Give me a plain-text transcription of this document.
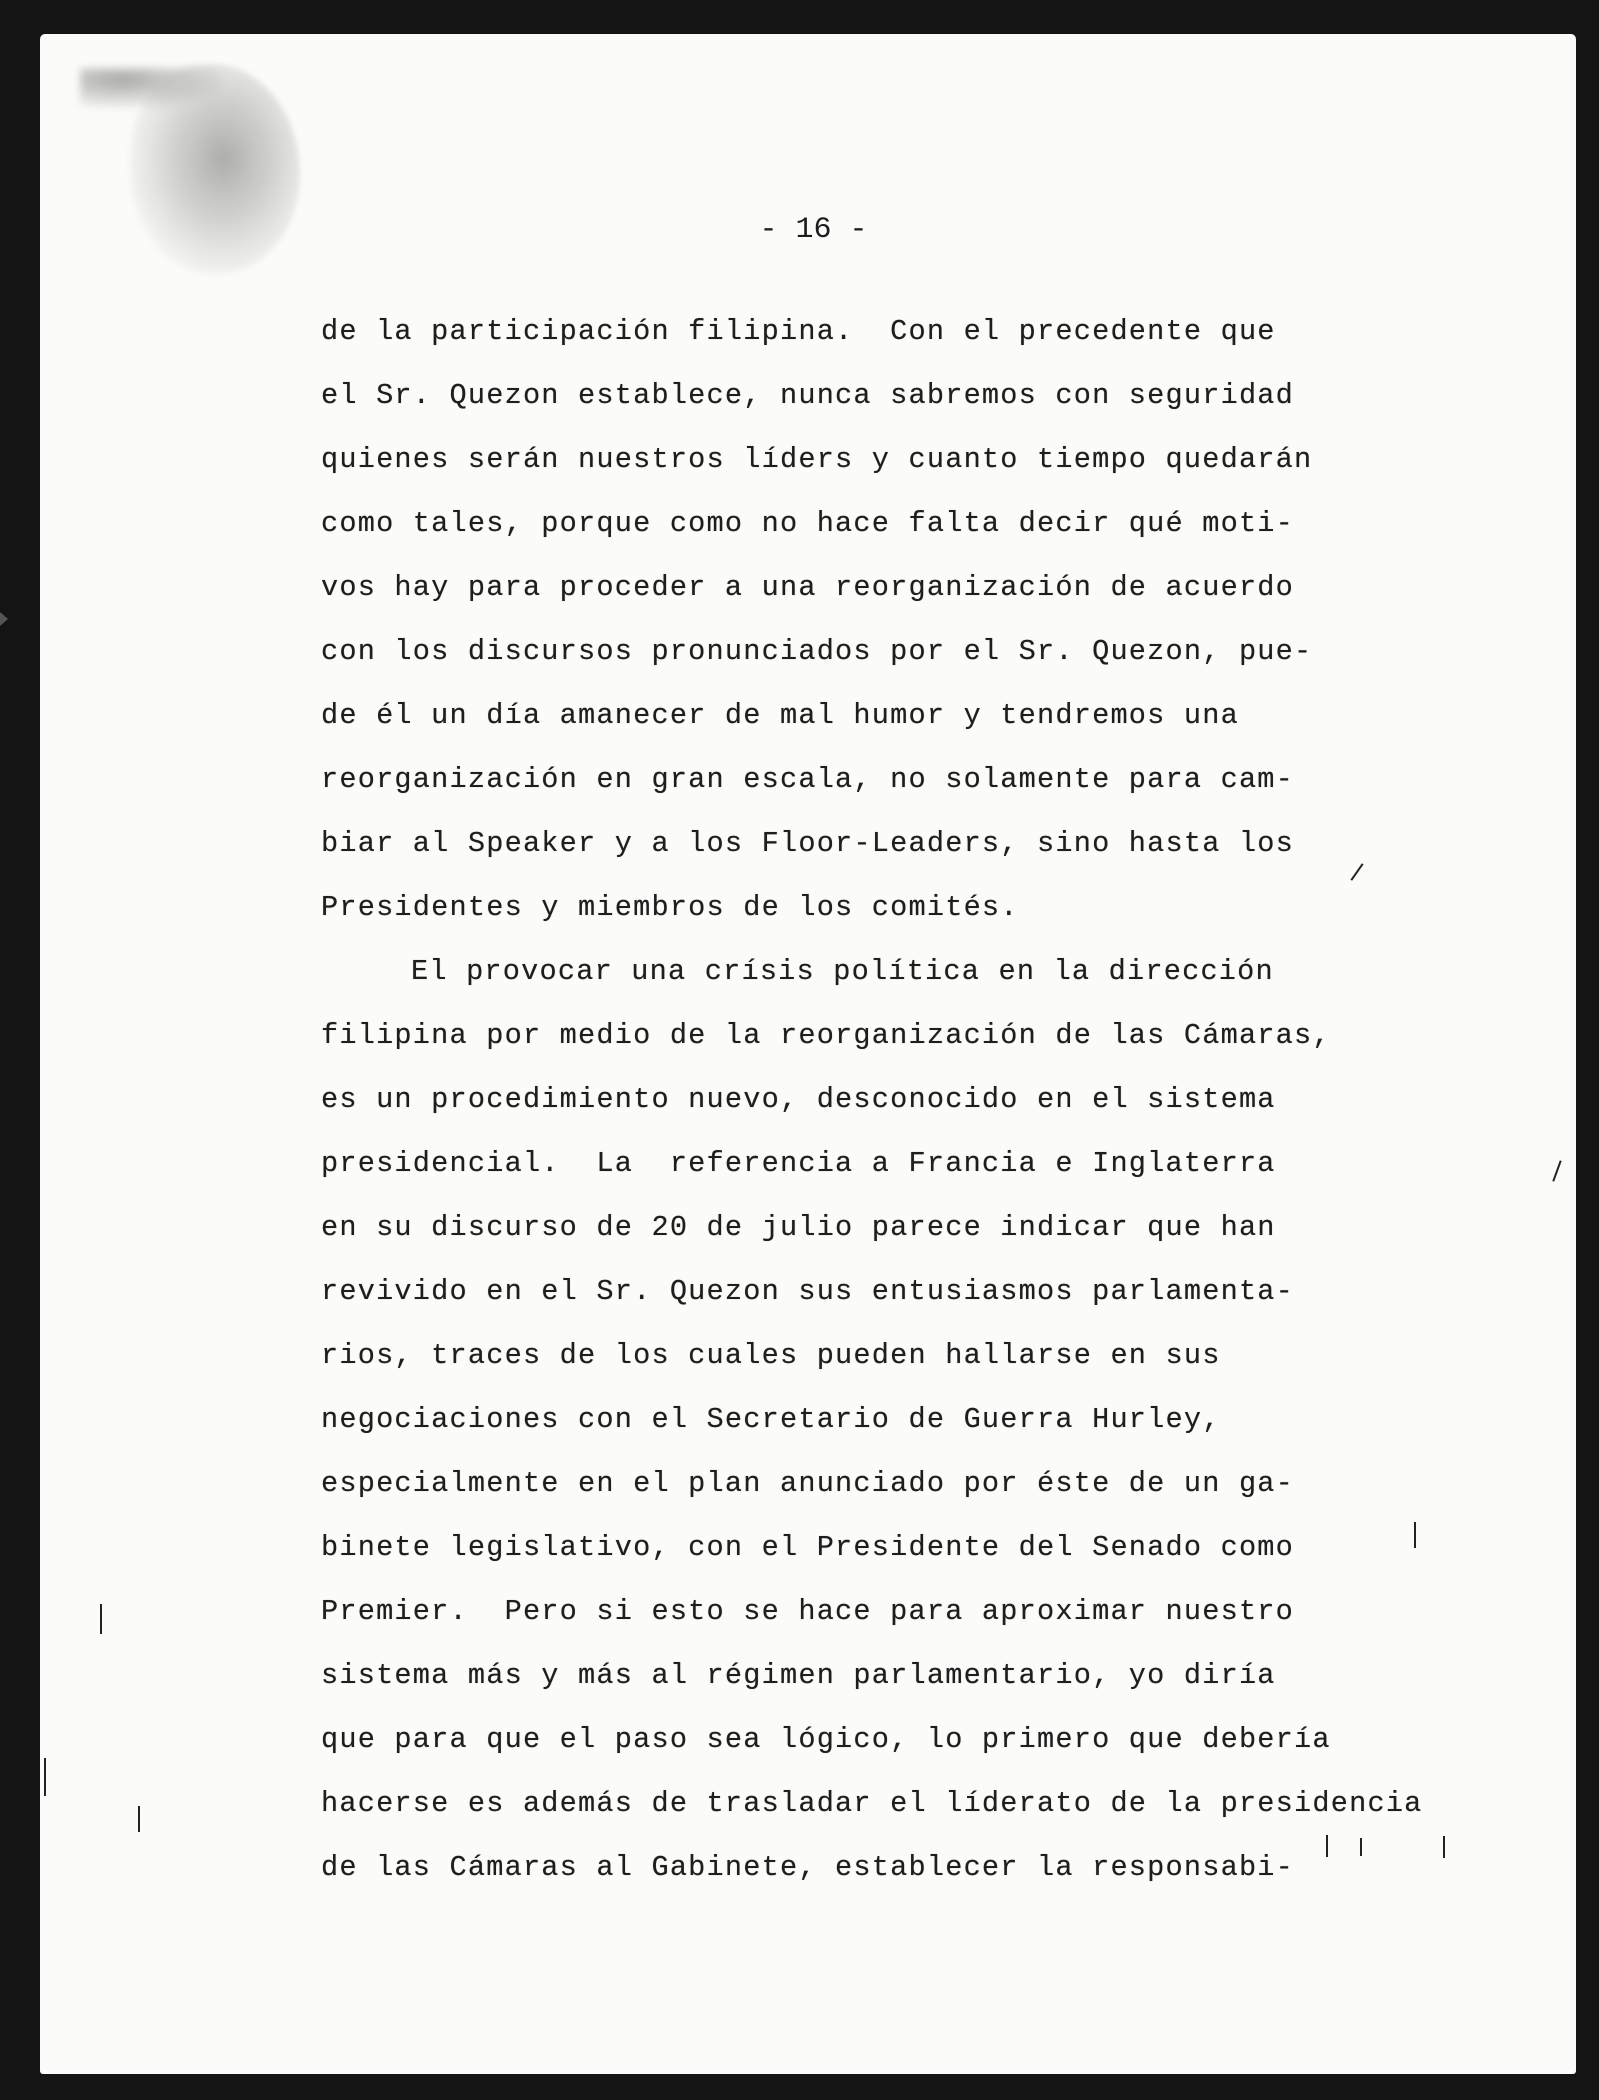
- 16 -
de la participación filipina.  Con el precedente que
el Sr. Quezon establece, nunca sabremos con seguridad
quienes serán nuestros líders y cuanto tiempo quedarán
como tales, porque como no hace falta decir qué moti-
vos hay para proceder a una reorganización de acuerdo
con los discursos pronunciados por el Sr. Quezon, pue-
de él un día amanecer de mal humor y tendremos una
reorganización en gran escala, no solamente para cam-
biar al Speaker y a los Floor-Leaders, sino hasta los
Presidentes y miembros de los comités.
El provocar una crísis política en la dirección
filipina por medio de la reorganización de las Cámaras,
es un procedimiento nuevo, desconocido en el sistema
presidencial.  La  referencia a Francia e Inglaterra
en su discurso de 20 de julio parece indicar que han
revivido en el Sr. Quezon sus entusiasmos parlamenta-
rios, traces de los cuales pueden hallarse en sus
negociaciones con el Secretario de Guerra Hurley,
especialmente en el plan anunciado por éste de un ga-
binete legislativo, con el Presidente del Senado como
Premier.  Pero si esto se hace para aproximar nuestro
sistema más y más al régimen parlamentario, yo diría
que para que el paso sea lógico, lo primero que debería
hacerse es además de trasladar el líderato de la presidencia
de las Cámaras al Gabinete, establecer la responsabi-
